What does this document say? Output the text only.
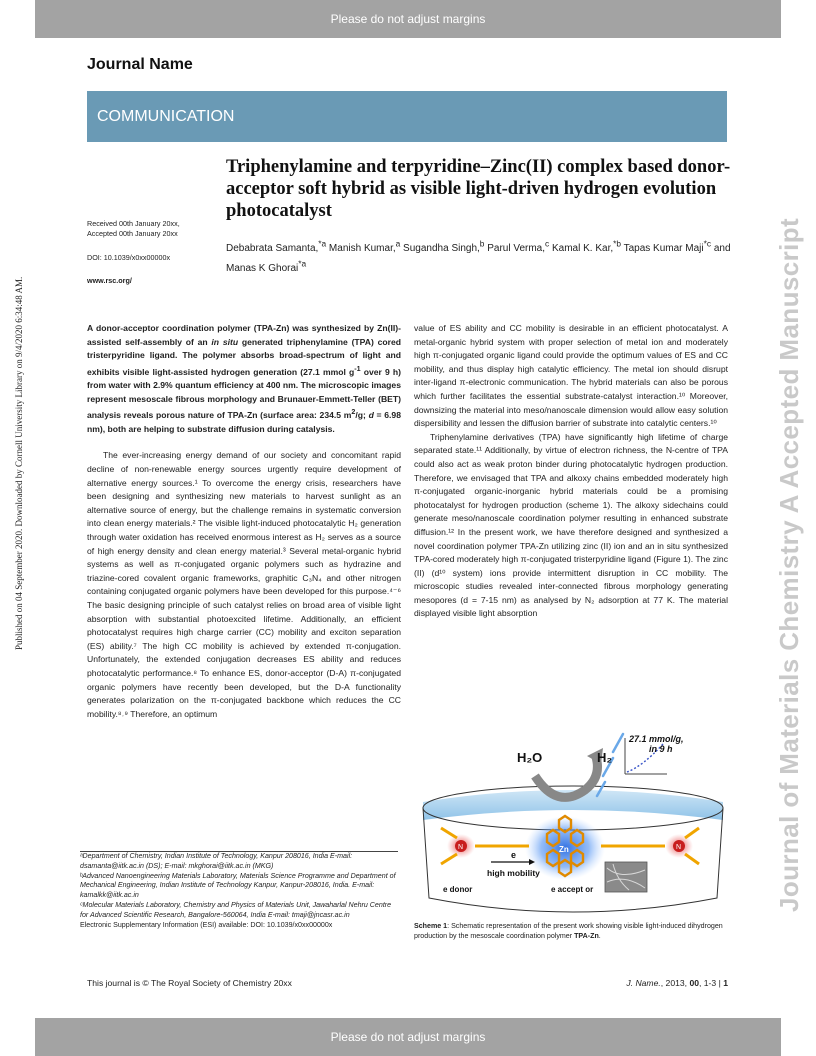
Please do not adjust margins
Published on 04 September 2020. Downloaded by Cornell University Library on 9/4/2020 6:34:48 AM.	Journal of Materials Chemistry A Accepted Manuscript
Journal Name
COMMUNICATION
Triphenylamine and terpyridine–Zinc(II) complex based donor-acceptor soft hybrid as visible light-driven hydrogen evolution photocatalyst
Received 00th January 20xx,
Accepted 00th January 20xx
DOI: 10.1039/x0xx00000x
www.rsc.org/
Debabrata Samanta,$^{*a}$ Manish Kumar,$^a$ Sugandha Singh,$^b$ Parul Verma,$^c$ Kamal K. Kar,$^{*b}$ Tapas Kumar Maji$^{*c}$ and Manas K Ghorai$^{*a}$

A donor-acceptor coordination polymer (TPA-Zn) was synthesized by Zn(II)-assisted self-assembly of an in situ generated triphenylamine (TPA) cored tristerpyridine ligand. The polymer absorbs broad-spectrum of light and exhibits visible light-assisted hydrogen generation (27.1 mmol $g^{-1}$ over 9 h) from water with 2.9% quantum efficiency at 400 nm. The microscopic images represent mesoscale fibrous morphology and Brunauer-Emmett-Teller (BET) analysis reveals porous nature of TPA-Zn (surface area: 234.5 $m^2/g$; d = 6.98 nm), both are helping to substrate diffusion during catalysis.

The ever-increasing energy demand of our society and concomitant rapid decline of non-renewable energy sources urgently require development of alternative energy sources.¹ To overcome the energy crisis, researchers have been designing and synthesizing new materials to harvest sunlight as an alternative source of energy, but the challenge remains in systematic conversion into clean energy materials.² The visible light-induced photocatalytic H₂ generation through water oxidation has received enormous interest as H₂ serves as a source of high energy density and clean energy material.³ Several metal-organic hybrid systems as well as π-conjugated organic polymers such as hydrazine and triazine-cored covalent organic frameworks, graphitic C₃N₄ and other nitrogen containing conjugated organic polymers have been developed for this purpose.⁴⁻⁶ The basic designing principle of such catalyst relies on broad area of visible light absorption with substantial photoexcited lifetime. Additionally, an efficient photocatalyst requires high charge carrier (CC) mobility and exciton separation (ES) ability.⁷ The high CC mobility is achieved by extended π-conjugation. Unfortunately, the extended conjugation decreases ES ability and reduces photocatalytic performance.⁸ To enhance ES, donor-acceptor (D-A) π-conjugated organic polymers have recently been developed, but the D-A functionality generates polarization on the π-conjugated backbone which reduces the CC mobility.⁸˒⁹ Therefore, an optimum

value of ES ability and CC mobility is desirable in an efficient photocatalyst. A metal-organic hybrid system with proper selection of metal ion and moderately high π-conjugated organic ligand could provide the optimum values of ES and CC mobility, and thus display high catalytic efficiency. The metal ion should disrupt inter-ligand π-electronic communication. The hybrid materials can also be porous which further facilitates the essential substrate-catalyst interaction.¹⁰ Moreover, downsizing the material into meso/nanoscale dimension would allow easy solution dispersibility and lessen the diffusion barrier of substrate into catalytic centers.¹⁰

Triphenylamine derivatives (TPA) have significantly high lifetime of charge separated state.¹¹ Additionally, by virtue of electron richness, the N-centre of TPA could also act as weak proton binder during photocatalytic hydrogen production. Therefore, we envisaged that TPA and alkoxy chains embedded moderately high π-conjugated organic-inorganic hybrid materials could be a promising photocatalyst for hydrogen production (scheme 1). The alkoxy sidechains could generate meso/nanoscale coordination polymer resulting in enhanced substrate diffusion.¹² In the present work, we have therefore designed and synthesized a novel coordination polymer TPA-Zn utilizing zinc (II) ion and an in situ synthesized TPA-cored moderately high π-conjugated tristerpyridine ligand (Figure 1). The zinc (II) (d¹⁰ system) ions provide intermittent disruption in CC mobility. The microscopic studies revealed inter-connected fibrous morphology generating mesopores (d = 7-15 nm) as analysed by N₂ adsorption at 77 K. The material displayed visible light absorption

ᵃDepartment of Chemistry, Indian Institute of Technology, Kanpur 208016, India E-mail: dsamanta@iitk.ac.in (DS); E-mail: mkghorai@iitk.ac.in (MKG)

ᵇAdvanced Nanoengineering Materials Laboratory, Materials Science Programme and Department of Mechanical Engineering, Indian Institute of Technology Kanpur, Kanpur-208016, India. E-mail: kamalkk@iitk.ac.in

ᶜMolecular Materials Laboratory, Chemistry and Physics of Materials Unit, Jawaharlal Nehru Centre for Advanced Scientific Research, Bangalore-560064, India E-mail: tmaji@jncasr.ac.in

Electronic Supplementary Information (ESI) available: DOI: 10.1039/x0xx00000x

H₂O	H₂
27.1 mmol/g,
in 9 h
Zn
N	N
e
high mobility
e donor	e accept or
Scheme 1: Schematic representation of the present work showing visible light-induced dihydrogen production by the mesoscale coordination polymer TPA-Zn.
This journal is © The Royal Society of Chemistry 20xx	J. Name., 2013, 00, 1-3 | 1
Please do not adjust margins
